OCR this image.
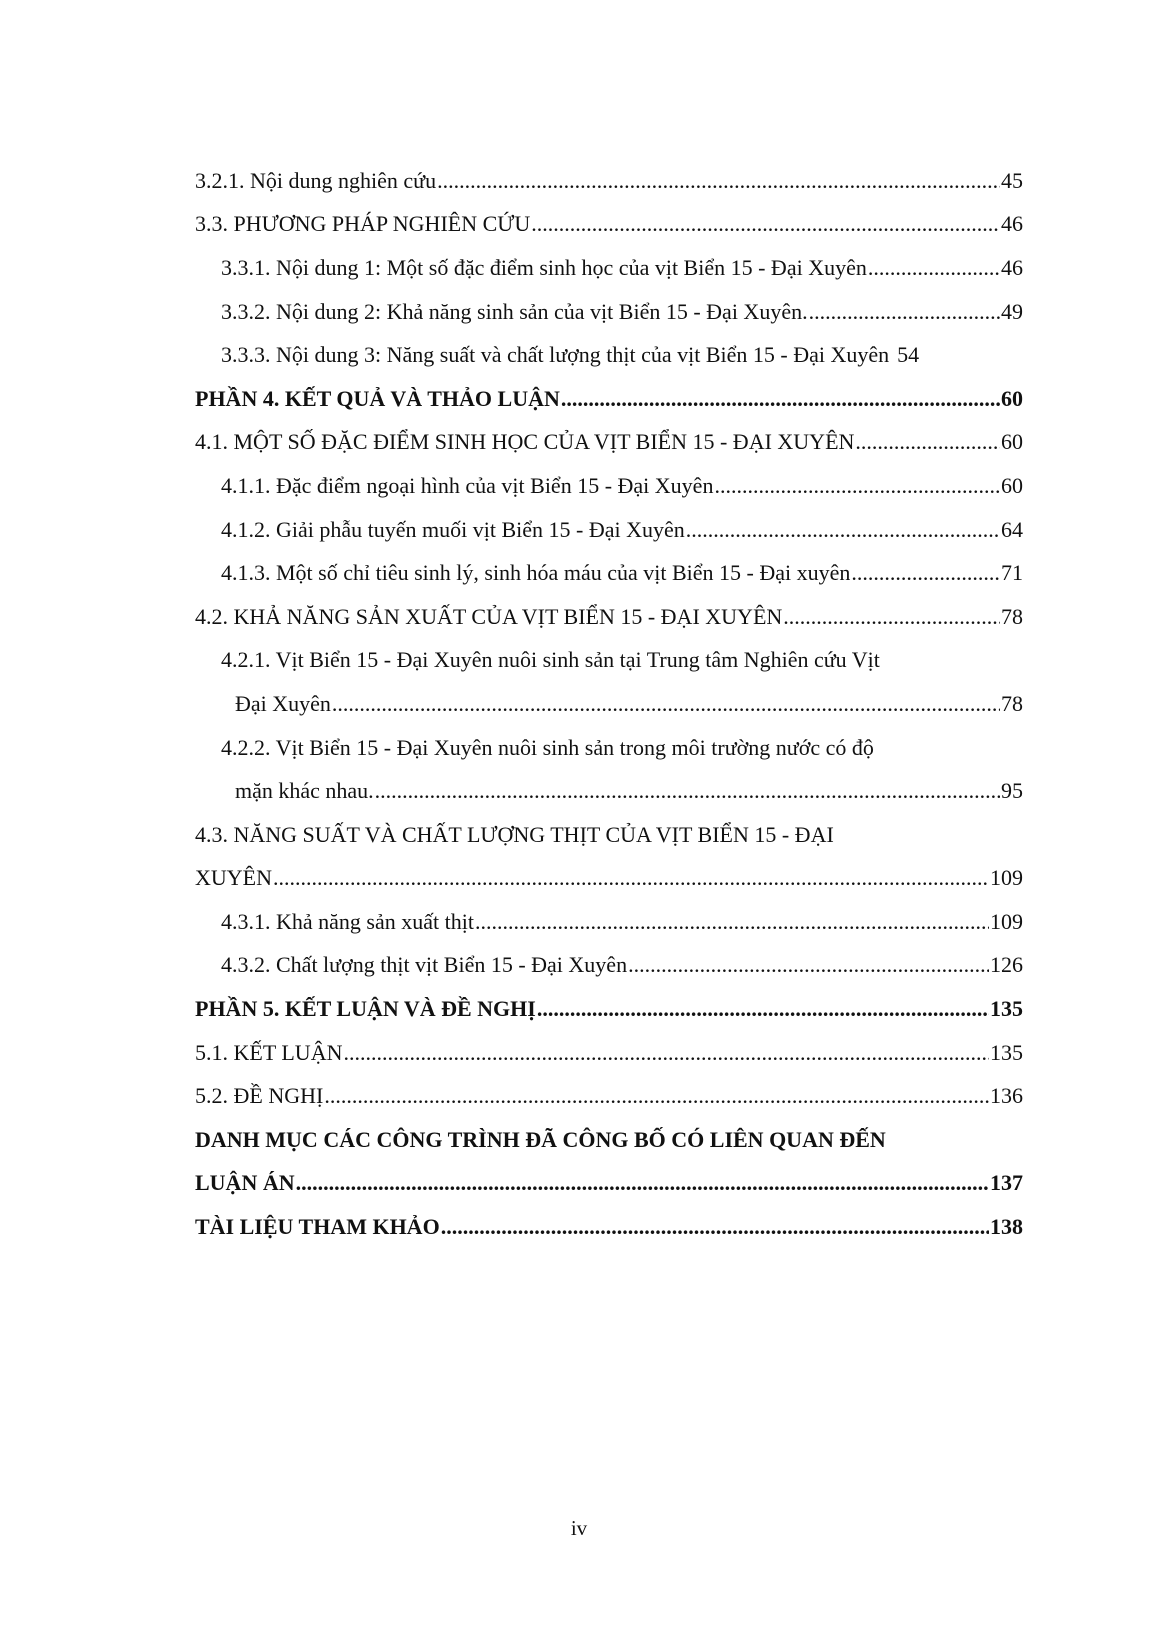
3.2.1. Nội dung nghiên cứu .....	45
3.3. PHƯƠNG PHÁP NGHIÊN CỨU .....	46
3.3.1. Nội dung 1: Một số đặc điểm sinh học của vịt Biển 15 - Đại Xuyên .....	46
3.3.2. Nội dung 2: Khả năng sinh sản của vịt Biển 15 - Đại Xuyên. .....	49
3.3.3. Nội dung 3: Năng suất và chất lượng thịt của vịt Biển 15 - Đại Xuyên 54
PHẦN 4. KẾT QUẢ VÀ THẢO LUẬN .....	60
4.1. MỘT SỐ ĐẶC ĐIỂM SINH HỌC CỦA VỊT BIỂN 15 - ĐẠI XUYÊN .....	60
4.1.1. Đặc điểm ngoại hình của vịt Biển 15 - Đại Xuyên .....	60
4.1.2. Giải phẫu tuyến muối vịt Biển 15 - Đại Xuyên .....	64
4.1.3. Một số chỉ tiêu sinh lý, sinh hóa máu của vịt Biển 15 - Đại xuyên .....	71
4.2. KHẢ NĂNG SẢN XUẤT CỦA VỊT BIỂN 15 - ĐẠI XUYÊN .....	78
4.2.1. Vịt Biển 15 - Đại Xuyên nuôi sinh sản tại Trung tâm Nghiên cứu Vịt
Đại Xuyên .....	78
4.2.2. Vịt Biển 15 - Đại Xuyên nuôi sinh sản trong môi trường nước có độ
mặn khác nhau. .....	95
4.3. NĂNG SUẤT VÀ CHẤT LƯỢNG THỊT CỦA VỊT BIỂN 15 - ĐẠI
XUYÊN .....	109
4.3.1. Khả năng sản xuất thịt .....	109
4.3.2. Chất lượng thịt vịt Biển 15 - Đại Xuyên .....	126
PHẦN 5. KẾT LUẬN VÀ ĐỀ NGHỊ .....	135
5.1. KẾT LUẬN .....	135
5.2. ĐỀ NGHỊ .....	136
DANH MỤC CÁC CÔNG TRÌNH ĐÃ CÔNG BỐ CÓ LIÊN QUAN ĐẾN
LUẬN ÁN .....	137
TÀI LIỆU THAM KHẢO .....	138
iv
